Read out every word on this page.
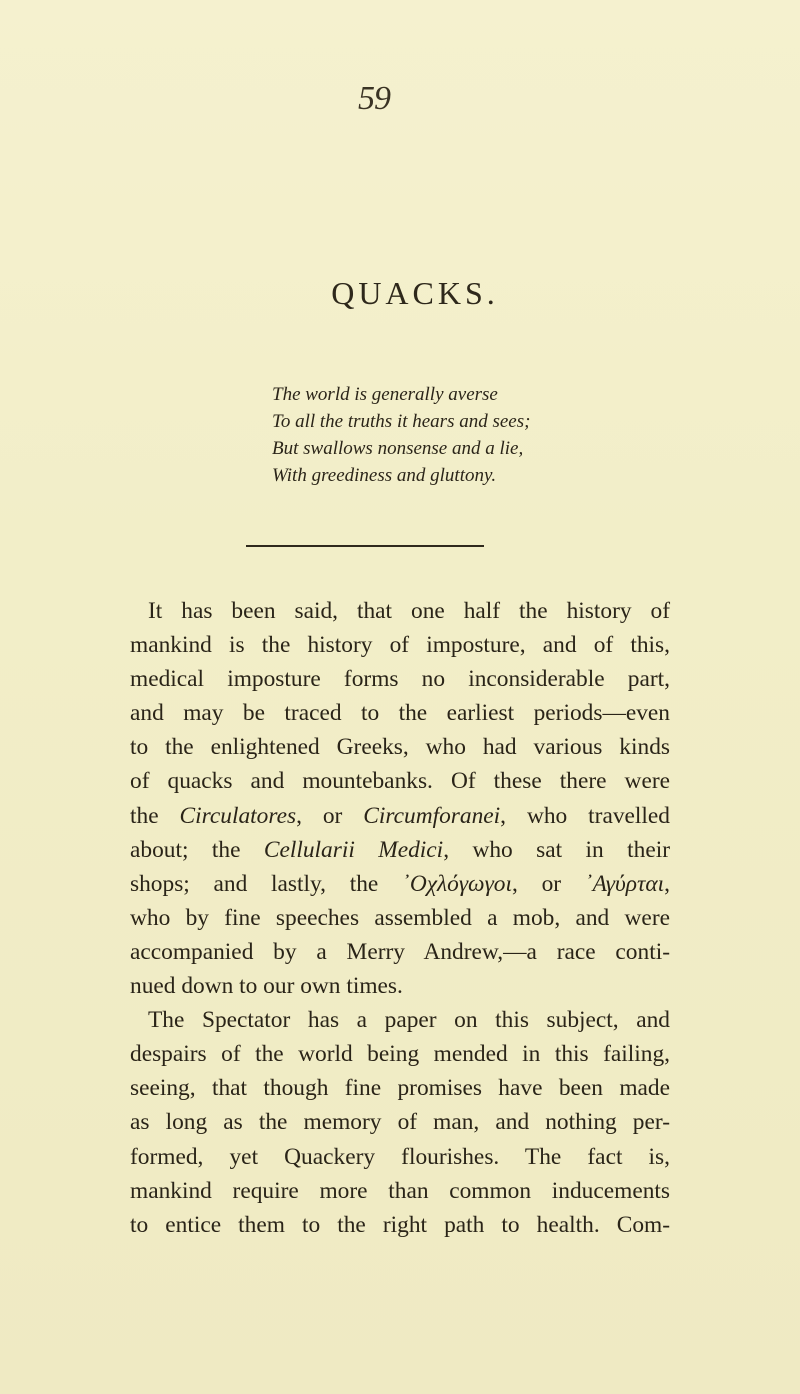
59
QUACKS.
The world is generally averse
To all the truths it hears and sees;
But swallows nonsense and a lie,
With greediness and gluttony.
It has been said, that one half the history of
mankind is the history of imposture, and of this,
medical imposture forms no inconsiderable part,
and may be traced to the earliest periods—even
to the enlightened Greeks, who had various kinds
of quacks and mountebanks. Of these there were
the Circulatores, or Circumforanei, who travelled
about; the Cellularii Medici, who sat in their
shops; and lastly, the ᾿Οχλόγωγοι, or ᾿Αγύρται,
who by fine speeches assembled a mob, and were
accompanied by a Merry Andrew,—a race conti-
nued down to our own times.
The Spectator has a paper on this subject, and
despairs of the world being mended in this failing,
seeing, that though fine promises have been made
as long as the memory of man, and nothing per-
formed, yet Quackery flourishes. The fact is,
mankind require more than common inducements
to entice them to the right path to health. Com-
